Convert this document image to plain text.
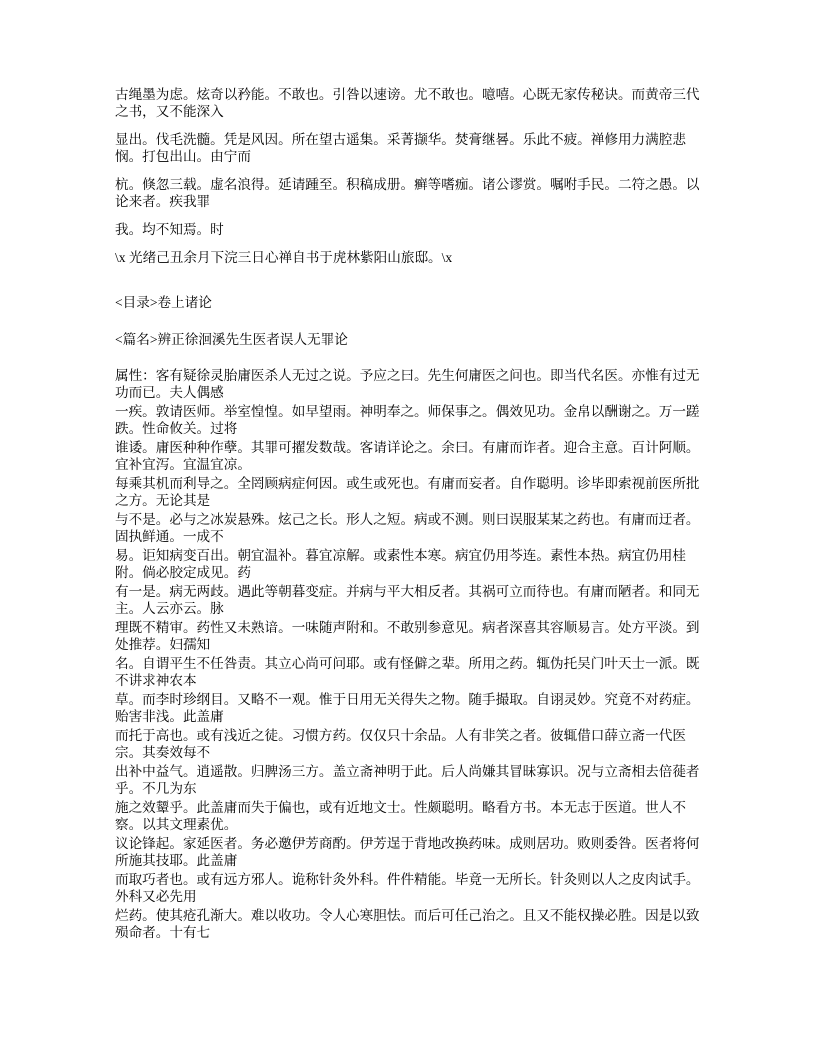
古绳墨为虑。炫奇以矜能。不敢也。引咎以速谤。尤不敢也。噫嘻。心既无家传秘诀。而黄帝三代之书，又不能深入

显出。伐毛洗髓。凭是风因。所在望古遥集。采菁撷华。焚膏继晷。乐此不疲。禅修用力满腔悲悯。打包出山。由宁而

杭。倏忽三载。虚名浪得。延请踵至。积稿成册。癣等嗜痂。诸公谬赏。嘱咐手民。二符之愚。以论来者。疾我罪

我。均不知焉。时

\x 光绪己丑余月下浣三日心禅自书于虎林紫阳山旅邸。\x

<目录>卷上诸论

<篇名>辨正徐洄溪先生医者误人无罪论

属性：客有疑徐灵胎庸医杀人无过之说。予应之曰。先生何庸医之问也。即当代名医。亦惟有过无功而已。夫人偶感

一疾。敦请医师。举室惶惶。如早望雨。神明奉之。师保事之。偶效见功。金帛以酬谢之。万一蹉跌。性命攸关。过将

谁诿。庸医种种作孽。其罪可擢发数哉。客请详论之。余曰。有庸而诈者。迎合主意。百计阿顺。宜补宜泻。宜温宜凉。

每乘其机而利导之。全罔顾病症何因。或生或死也。有庸而妄者。自作聪明。诊毕即索视前医所批之方。无论其是

与不是。必与之冰炭悬殊。炫己之长。形人之短。病或不测。则曰误服某某之药也。有庸而迂者。固执鲜通。一成不

易。讵知病变百出。朝宜温补。暮宜凉解。或素性本寒。病宜仍用芩连。素性本热。病宜仍用桂附。倘必胶定成见。药

有一是。病无两歧。遇此等朝暮变症。并病与平大相反者。其祸可立而待也。有庸而陋者。和同无主。人云亦云。脉

理既不精审。药性又未熟谙。一味随声附和。不敢别参意见。病者深喜其容顺易言。处方平淡。到处推荐。妇孺知

名。自谓平生不任咎责。其立心尚可问耶。或有怪僻之辈。所用之药。辄伪托吴门叶天士一派。既不讲求神农本

草。而李时珍纲目。又略不一观。惟于日用无关得失之物。随手撮取。自诩灵妙。究竟不对药症。贻害非浅。此盖庸

而托于高也。或有浅近之徒。习惯方药。仅仅只十余品。人有非笑之者。彼辄借口薛立斋一代医宗。其奏效每不

出补中益气。逍遥散。归脾汤三方。盖立斋神明于此。后人尚嫌其冒昧寡识。况与立斋相去倍蓰者乎。不几为东

施之效颦乎。此盖庸而失于偏也，或有近地文士。性颇聪明。略看方书。本无志于医道。世人不察。以其文理素优。

议论锋起。家延医者。务必邀伊芳商酌。伊芳逞于背地改换药味。成则居功。败则委咎。医者将何所施其技耶。此盖庸

而取巧者也。或有远方邪人。诡称针灸外科。件件精能。毕竟一无所长。针灸则以人之皮肉试手。外科又必先用

烂药。使其疮孔渐大。难以收功。令人心寒胆怯。而后可任己治之。且又不能权操必胜。因是以致殒命者。十有七
